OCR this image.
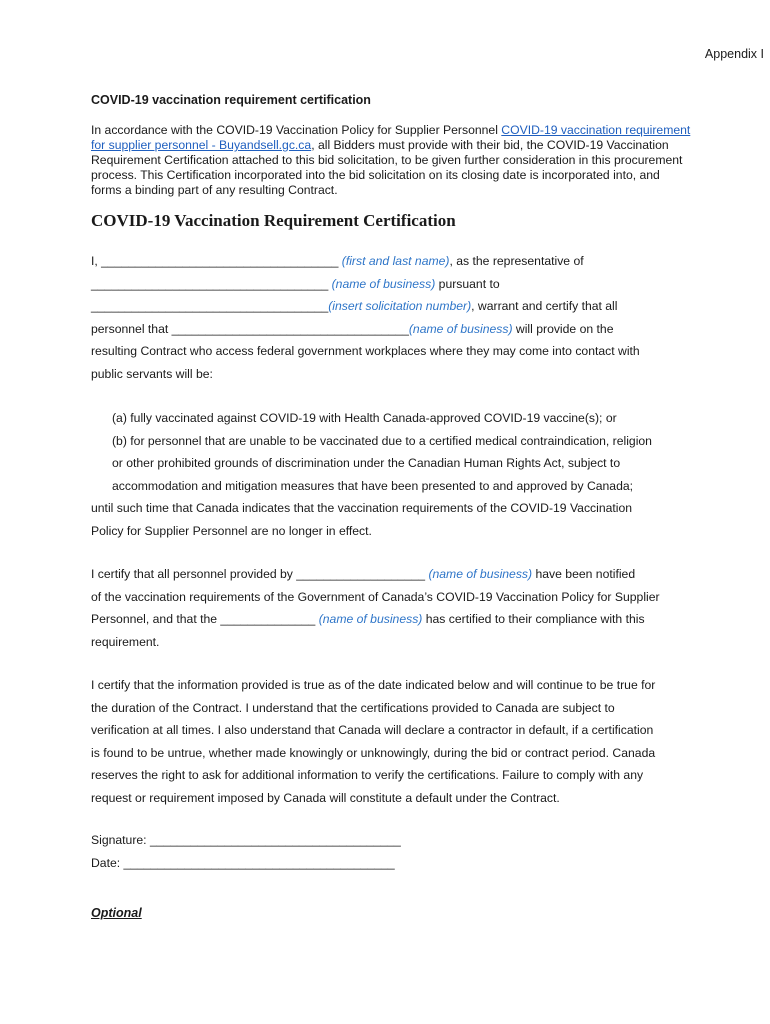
Appendix I
COVID-19 vaccination requirement certification
In accordance with the COVID-19 Vaccination Policy for Supplier Personnel COVID-19 vaccination requirement for supplier personnel - Buyandsell.gc.ca, all Bidders must provide with their bid, the COVID-19 Vaccination Requirement Certification attached to this bid solicitation, to be given further consideration in this procurement process. This Certification incorporated into the bid solicitation on its closing date is incorporated into, and forms a binding part of any resulting Contract.
COVID-19 Vaccination Requirement Certification
I, ___________________________________ (first and last name), as the representative of
___________________________________ (name of business) pursuant to
___________________________________(insert solicitation number), warrant and certify that all
personnel that ___________________________________(name of business) will provide on the
resulting Contract who access federal government workplaces where they may come into contact with
public servants will be:
(a) fully vaccinated against COVID-19 with Health Canada-approved COVID-19 vaccine(s); or
(b) for personnel that are unable to be vaccinated due to a certified medical contraindication, religion
or other prohibited grounds of discrimination under the Canadian Human Rights Act, subject to
accommodation and mitigation measures that have been presented to and approved by Canada;
until such time that Canada indicates that the vaccination requirements of the COVID-19 Vaccination
Policy for Supplier Personnel are no longer in effect.
I certify that all personnel provided by ___________________ (name of business) have been notified
of the vaccination requirements of the Government of Canada’s COVID-19 Vaccination Policy for Supplier
Personnel, and that the ______________ (name of business) has certified to their compliance with this
requirement.
I certify that the information provided is true as of the date indicated below and will continue to be true for
the duration of the Contract. I understand that the certifications provided to Canada are subject to
verification at all times. I also understand that Canada will declare a contractor in default, if a certification
is found to be untrue, whether made knowingly or unknowingly, during the bid or contract period. Canada
reserves the right to ask for additional information to verify the certifications. Failure to comply with any
request or requirement imposed by Canada will constitute a default under the Contract.
Signature: _____________________________________
Date: ________________________________________
Optional
